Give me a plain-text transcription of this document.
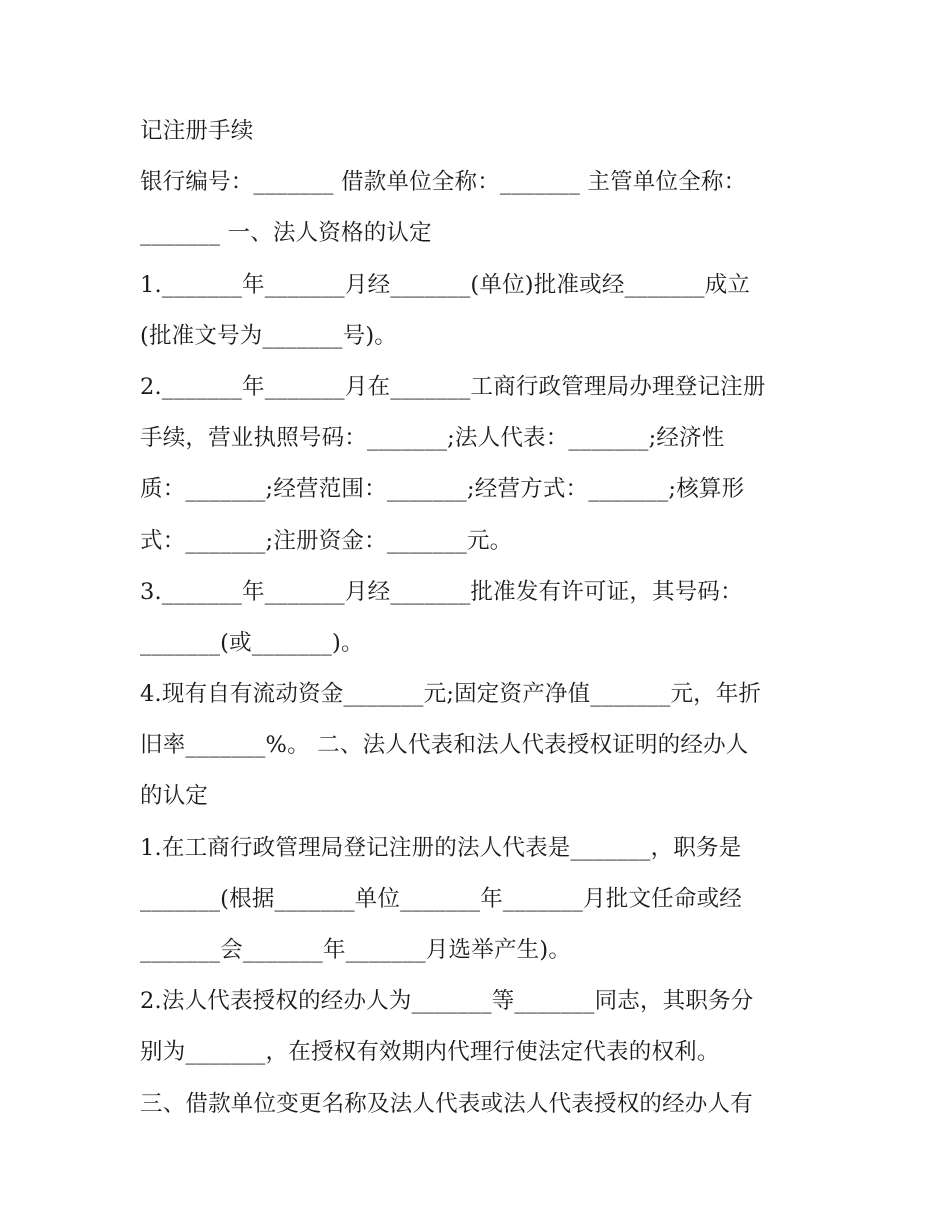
记注册手续
银行编号：_______ 借款单位全称：_______ 主管单位全称：
_______ 一、法人资格的认定
1._______年_______月经_______(单位)批准或经_______成立
(批准文号为_______号)。
2._______年_______月在_______工商行政管理局办理登记注册
手续，营业执照号码：_______;法人代表：_______;经济性
质：_______;经营范围：_______;经营方式：_______;核算形
式：_______;注册资金：_______元。
3._______年_______月经_______批准发有许可证，其号码：
_______(或_______)。
4.现有自有流动资金_______元;固定资产净值_______元，年折
旧率_______%。 二、法人代表和法人代表授权证明的经办人
的认定
1.在工商行政管理局登记注册的法人代表是_______，职务是
_______(根据_______单位_______年_______月批文任命或经
_______会_______年_______月选举产生)。
2.法人代表授权的经办人为_______等_______同志，其职务分
别为_______，在授权有效期内代理行使法定代表的权利。
三、借款单位变更名称及法人代表或法人代表授权的经办人有
